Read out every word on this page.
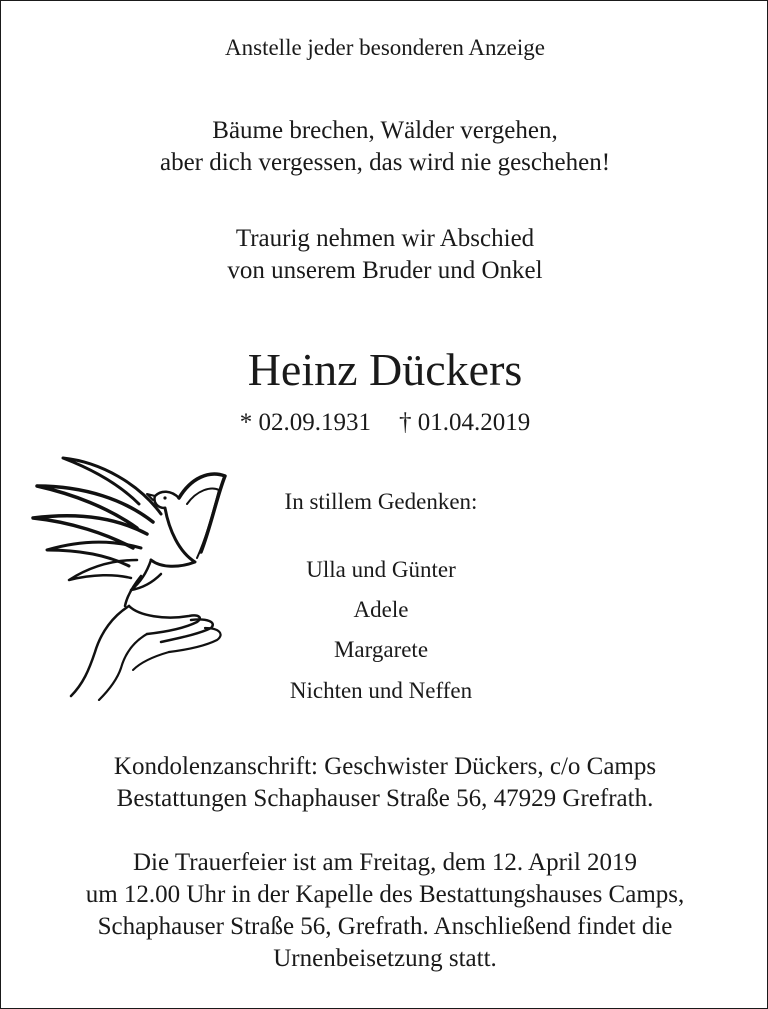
Anstelle jeder besonderen Anzeige
Bäume brechen, Wälder vergehen,
aber dich vergessen, das wird nie geschehen!
Traurig nehmen wir Abschied
von unserem Bruder und Onkel
Heinz Dückers
* 02.09.1931 † 01.04.2019
In stillem Gedenken:
Ulla und Günter
Adele
Margarete
Nichten und Neffen
Kondolenzanschrift: Geschwister Dückers, c/o Camps
Bestattungen Schaphauser Straße 56, 47929 Grefrath.
Die Trauerfeier ist am Freitag, dem 12. April 2019
um 12.00 Uhr in der Kapelle des Bestattungshauses Camps,
Schaphauser Straße 56, Grefrath. Anschließend findet die
Urnenbeisetzung statt.
